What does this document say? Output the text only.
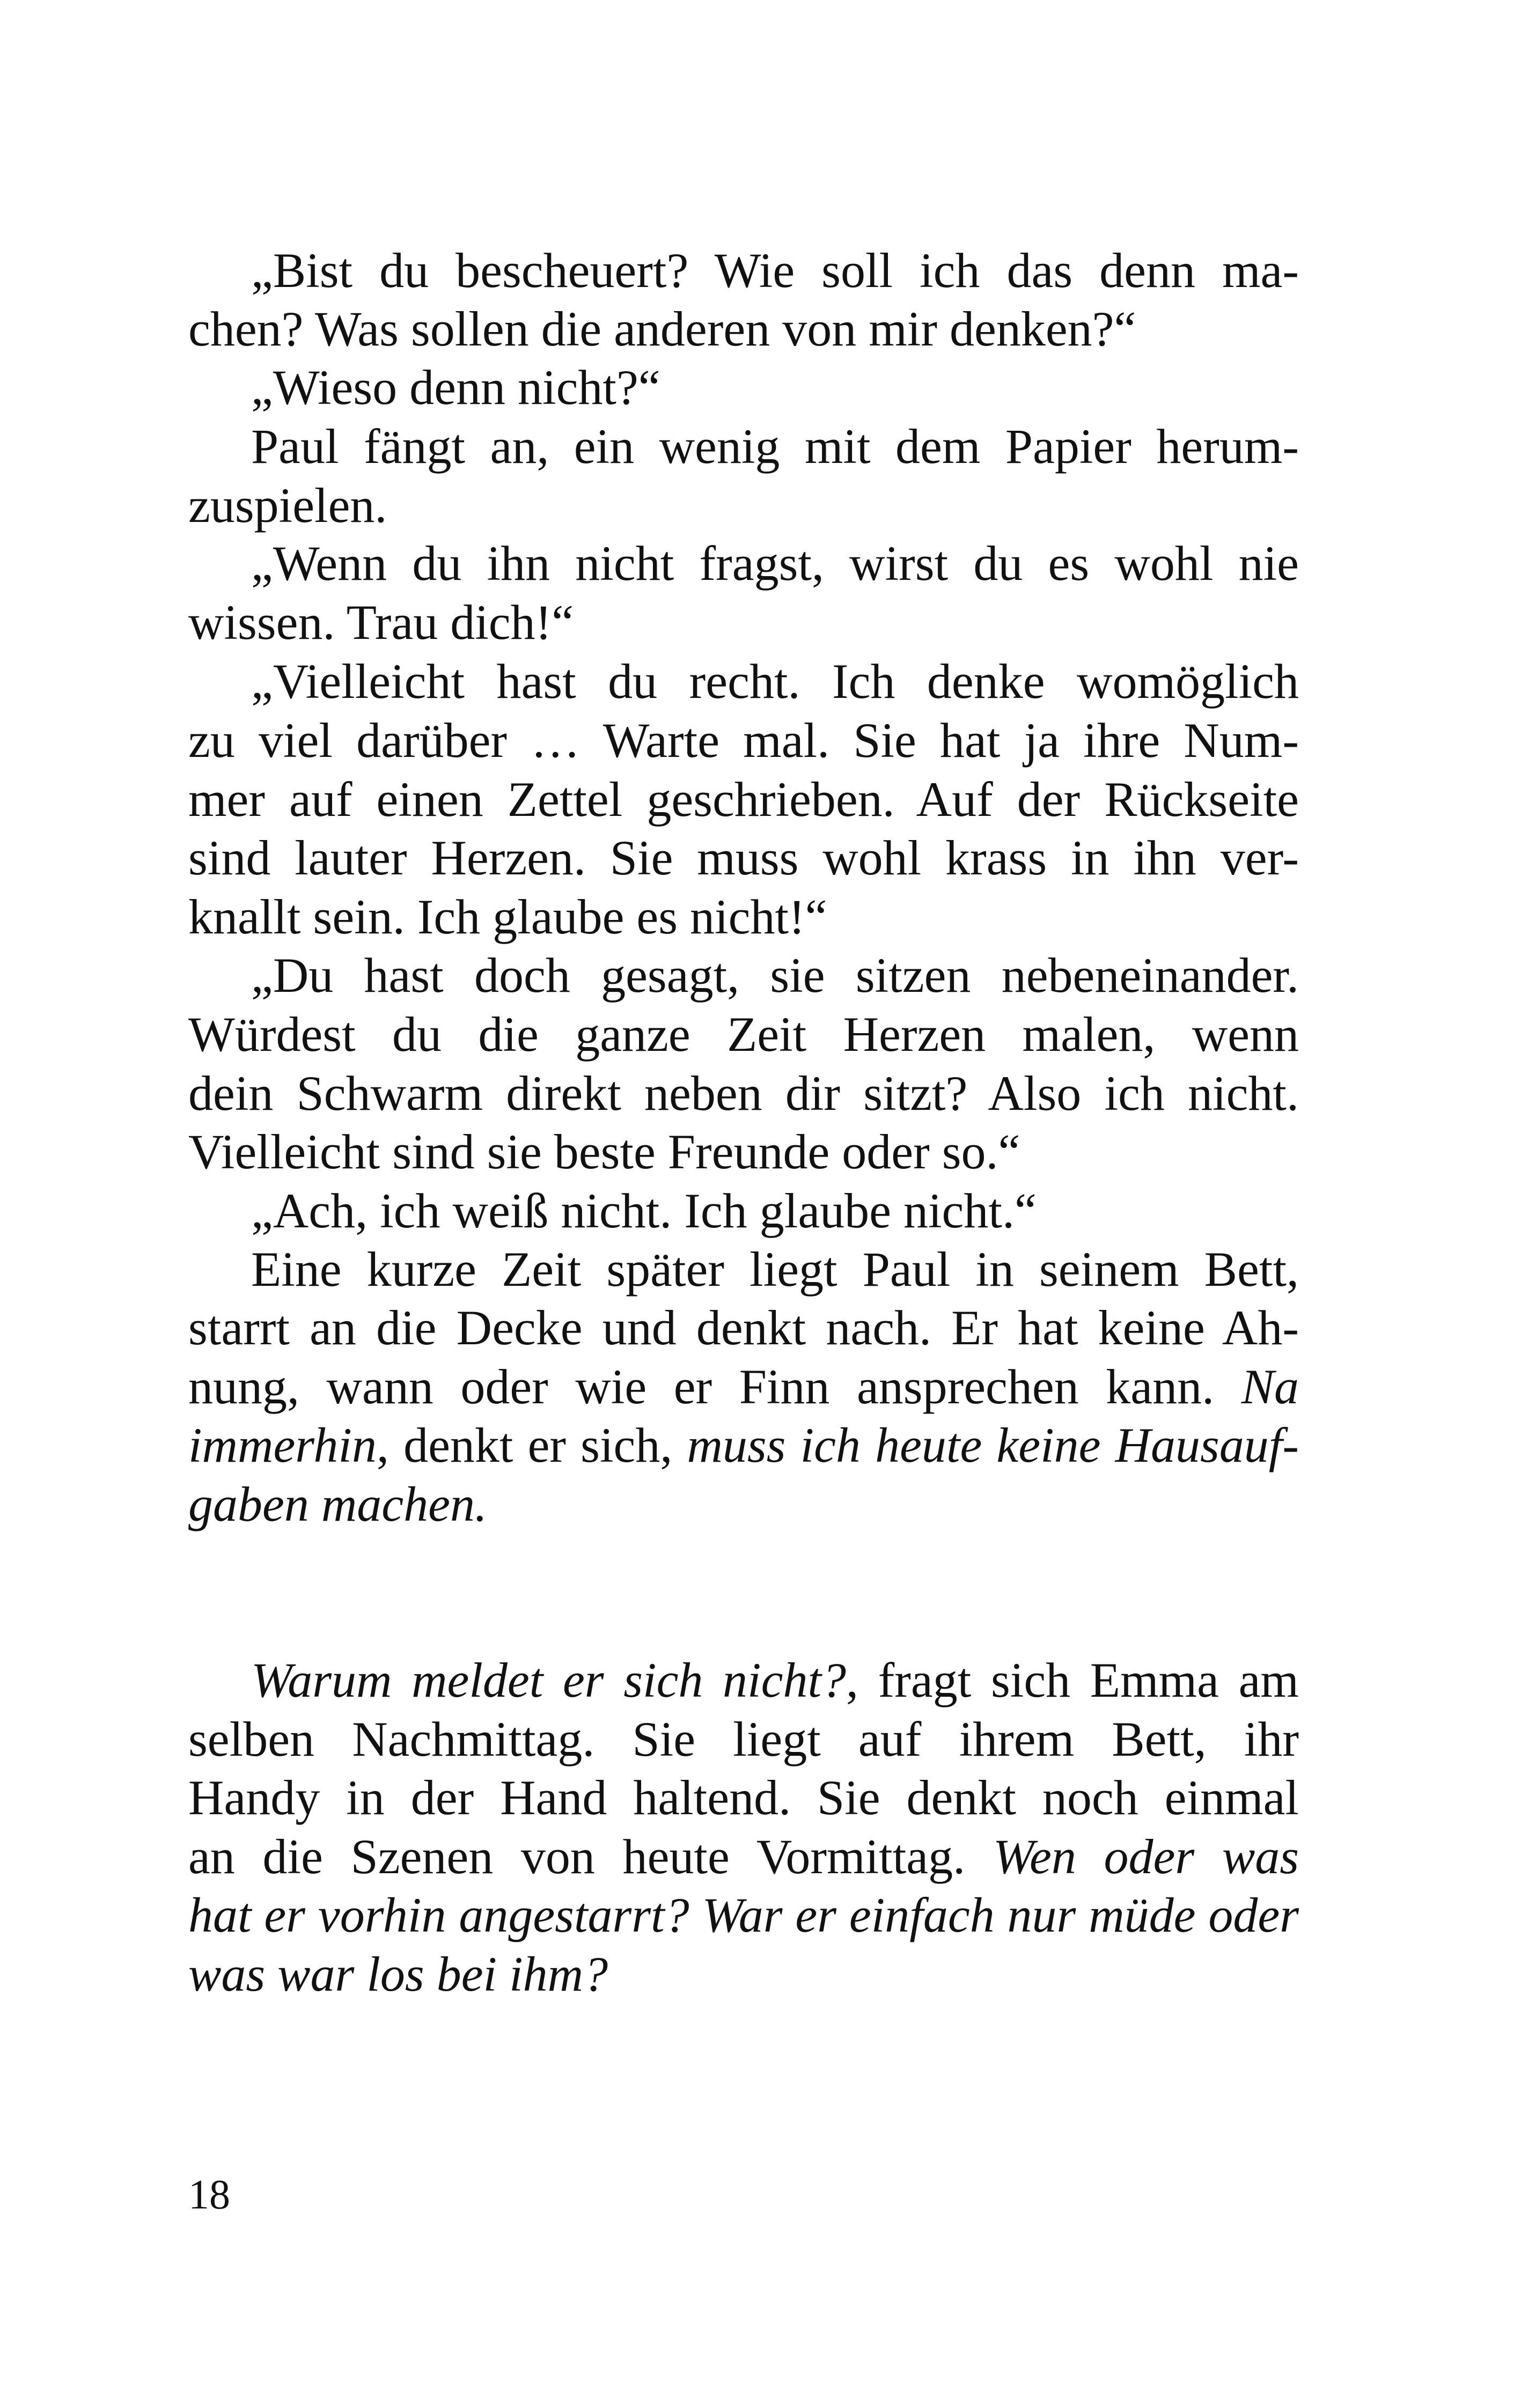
„Bist du bescheuert? Wie soll ich das denn ma-
chen? Was sollen die anderen von mir denken?“
„Wieso denn nicht?“
Paul fängt an, ein wenig mit dem Papier herum-
zuspielen.
„Wenn du ihn nicht fragst, wirst du es wohl nie
wissen. Trau dich!“
„Vielleicht hast du recht. Ich denke womöglich
zu viel darüber … Warte mal. Sie hat ja ihre Num-
mer auf einen Zettel geschrieben. Auf der Rückseite
sind lauter Herzen. Sie muss wohl krass in ihn ver-
knallt sein. Ich glaube es nicht!“
„Du hast doch gesagt, sie sitzen nebeneinander.
Würdest du die ganze Zeit Herzen malen, wenn
dein Schwarm direkt neben dir sitzt? Also ich nicht.
Vielleicht sind sie beste Freunde oder so.“
„Ach, ich weiß nicht. Ich glaube nicht.“
Eine kurze Zeit später liegt Paul in seinem Bett,
starrt an die Decke und denkt nach. Er hat keine Ah-
nung, wann oder wie er Finn ansprechen kann. Na
immerhin, denkt er sich, muss ich heute keine Hausauf-
gaben machen.
Warum meldet er sich nicht?, fragt sich Emma am
selben Nachmittag. Sie liegt auf ihrem Bett, ihr
Handy in der Hand haltend. Sie denkt noch einmal
an die Szenen von heute Vormittag. Wen oder was
hat er vorhin angestarrt? War er einfach nur müde oder
was war los bei ihm?
18
